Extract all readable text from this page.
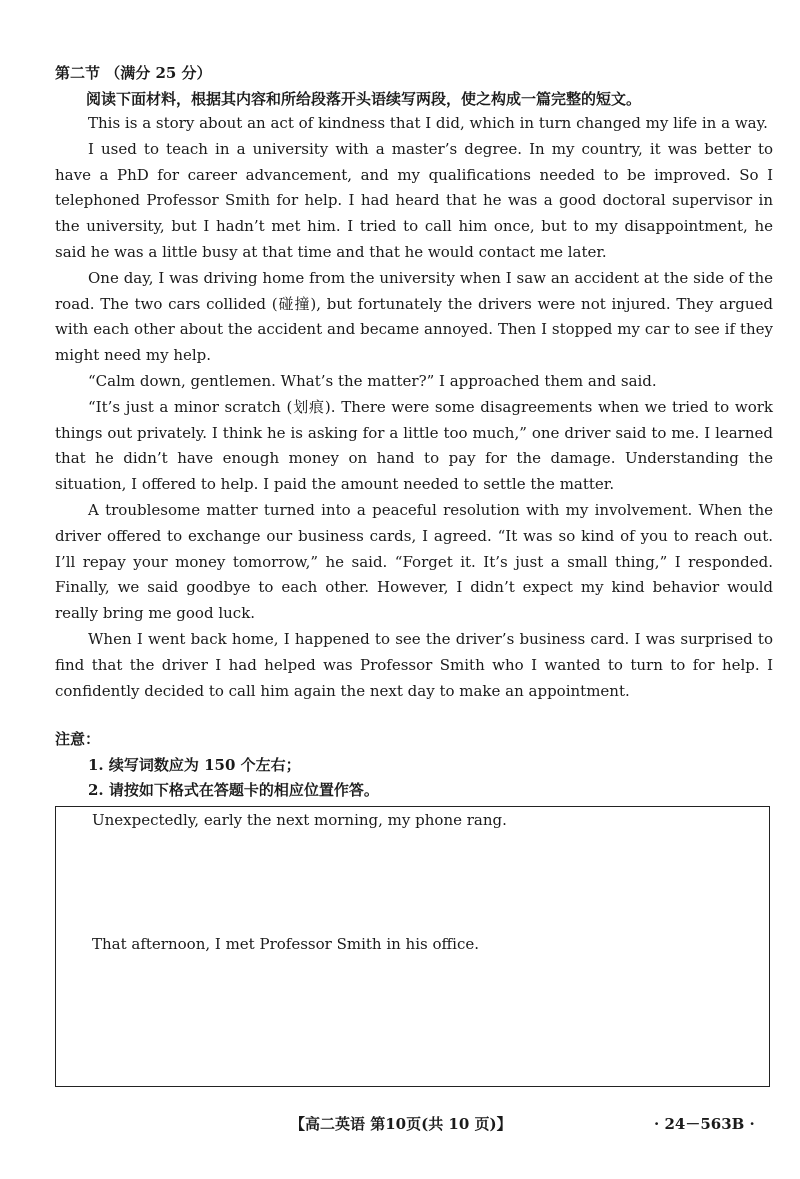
第二节 （满分 25 分）
阅读下面材料，根据其内容和所给段落开头语续写两段，使之构成一篇完整的短文。

This is a story about an act of kindness that I did, which in turn changed my life in a way.

I used to teach in a university with a master’s degree. In my country, it was better to have a PhD for career advancement, and my qualifications needed to be improved. So I telephoned Professor Smith for help. I had heard that he was a good doctoral supervisor in the university, but I hadn’t met him. I tried to call him once, but to my disappointment, he said he was a little busy at that time and that he would contact me later.

One day, I was driving home from the university when I saw an accident at the side of the road. The two cars collided (碰撞), but fortunately the drivers were not injured. They argued with each other about the accident and became annoyed. Then I stopped my car to see if they might need my help.

“Calm down, gentlemen. What’s the matter?” I approached them and said.

“It’s just a minor scratch (划痕). There were some disagreements when we tried to work things out privately. I think he is asking for a little too much,” one driver said to me. I learned that he didn’t have enough money on hand to pay for the damage. Understanding the situation, I offered to help. I paid the amount needed to settle the matter.

A troublesome matter turned into a peaceful resolution with my involvement. When the driver offered to exchange our business cards, I agreed. “It was so kind of you to reach out. I’ll repay your money tomorrow,” he said. “Forget it. It’s just a small thing,” I responded. Finally, we said goodbye to each other. However, I didn’t expect my kind behavior would really bring me good luck.

When I went back home, I happened to see the driver’s business card. I was surprised to find that the driver I had helped was Professor Smith who I wanted to turn to for help. I confidently decided to call him again the next day to make an appointment.

注意：
1. 续写词数应为 150 个左右；
2. 请按如下格式在答题卡的相应位置作答。
Unexpectedly, early the next morning, my phone rang.
That afternoon, I met Professor Smith in his office.
【高二英语 第10页(共 10 页)】	· 24－563B ·
